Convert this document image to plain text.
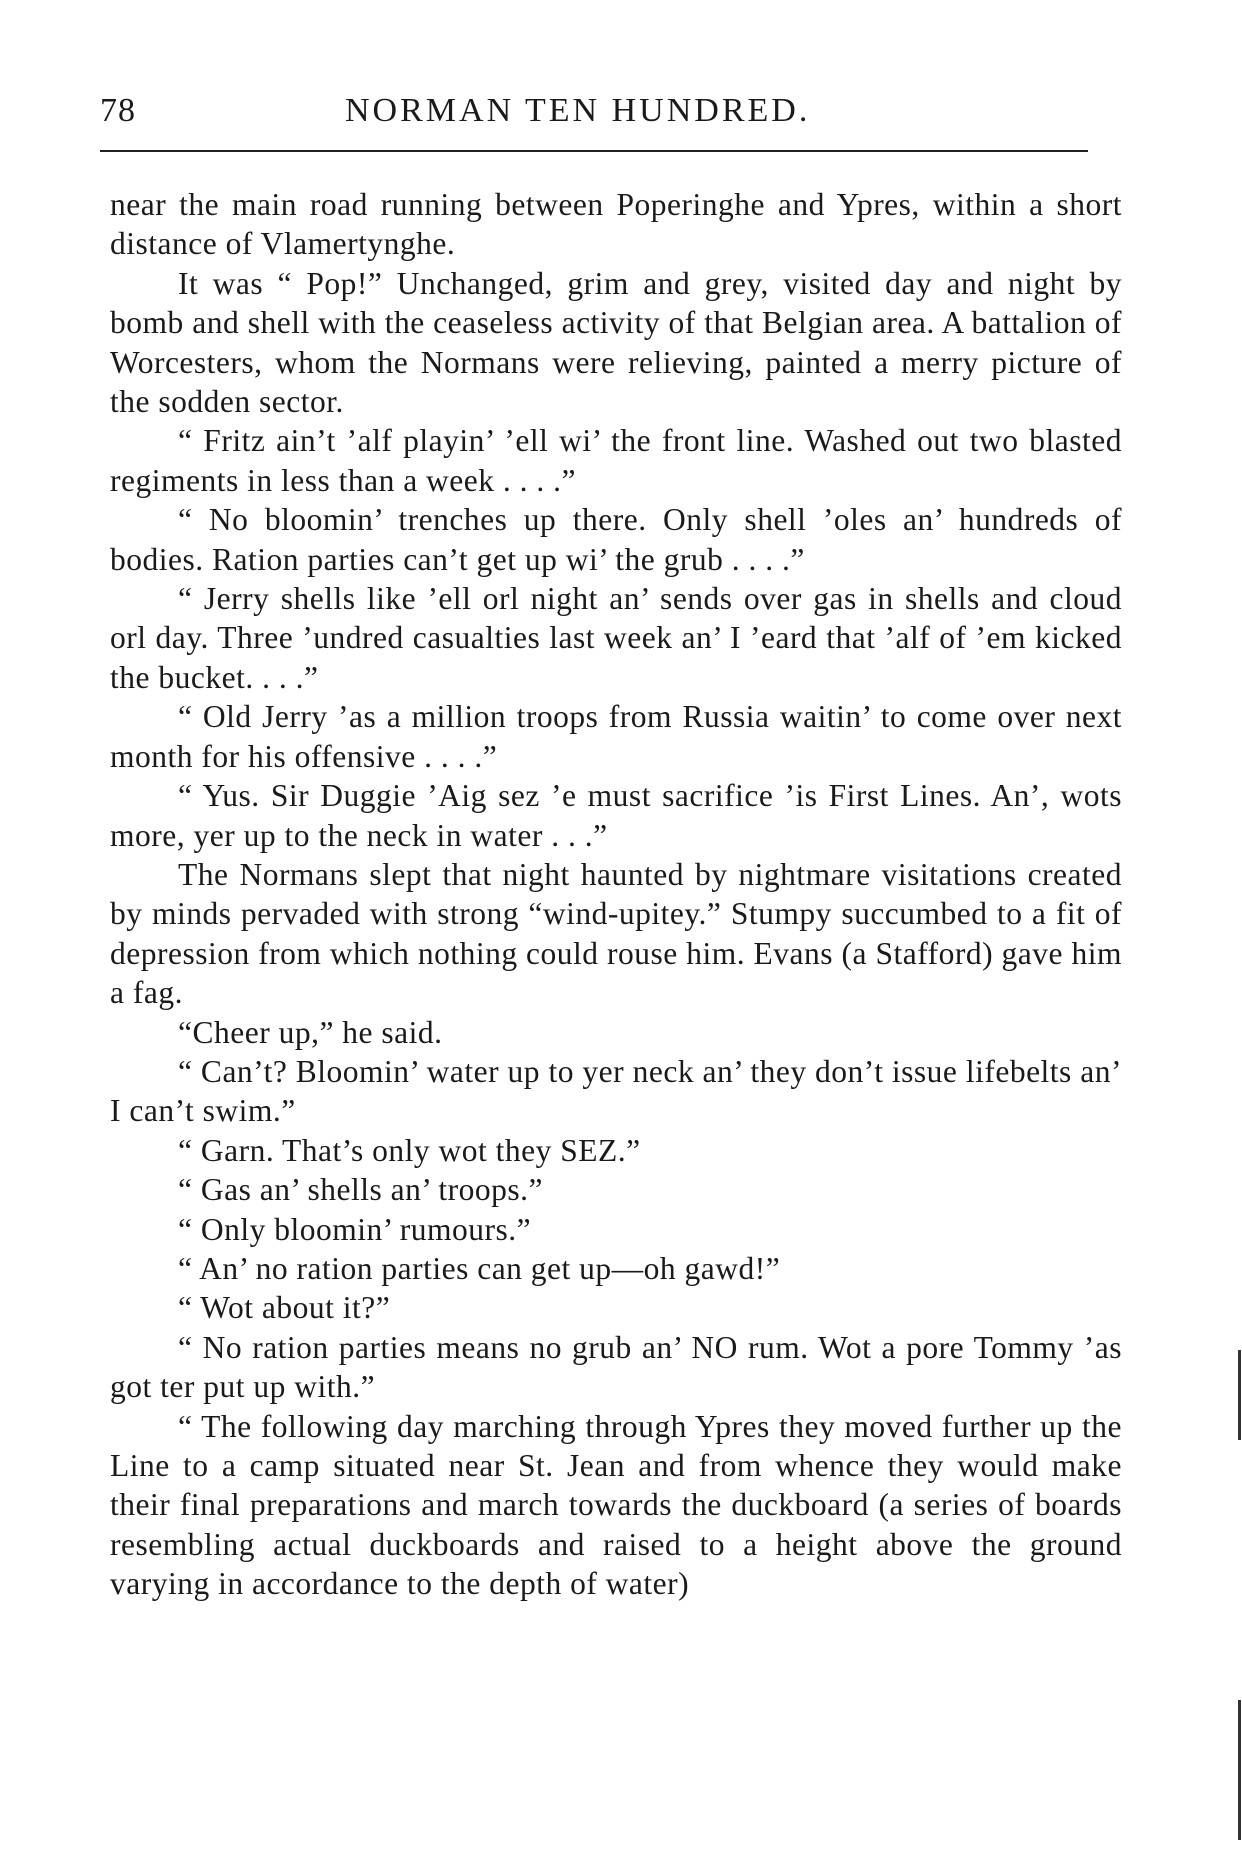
78	NORMAN TEN HUNDRED.

near the main road running between Poperinghe and Ypres, within a short distance of Vlamertynghe.

It was “ Pop!” Unchanged, grim and grey, visited day and night by bomb and shell with the ceaseless activity of that Belgian area. A battalion of Worcesters, whom the Normans were relieving, painted a merry picture of the sodden sector.

“ Fritz ain’t ’alf playin’ ’ell wi’ the front line. Washed out two blasted regiments in less than a week . . . .”

“ No bloomin’ trenches up there. Only shell ’oles an’ hundreds of bodies. Ration parties can’t get up wi’ the grub . . . .”

“ Jerry shells like ’ell orl night an’ sends over gas in shells and cloud orl day. Three ’undred casualties last week an’ I ’eard that ’alf of ’em kicked the bucket. . . .”

“ Old Jerry ’as a million troops from Russia waitin’ to come over next month for his offensive . . . .”

“ Yus. Sir Duggie ’Aig sez ’e must sacrifice ’is First Lines. An’, wots more, yer up to the neck in water . . .”

The Normans slept that night haunted by nightmare visitations created by minds pervaded with strong “wind-upitey.” Stumpy succumbed to a fit of depression from which nothing could rouse him. Evans (a Stafford) gave him a fag.

“Cheer up,” he said.

“ Can’t? Bloomin’ water up to yer neck an’ they don’t issue lifebelts an’ I can’t swim.”

“ Garn. That’s only wot they SEZ.”

“ Gas an’ shells an’ troops.”

“ Only bloomin’ rumours.”

“ An’ no ration parties can get up—oh gawd!”

“ Wot about it?”

“ No ration parties means no grub an’ NO rum. Wot a pore Tommy ’as got ter put up with.”

“ The following day marching through Ypres they moved further up the Line to a camp situated near St. Jean and from whence they would make their final preparations and march towards the duckboard (a series of boards resembling actual duckboards and raised to a height above the ground varying in accordance to the depth of water)
